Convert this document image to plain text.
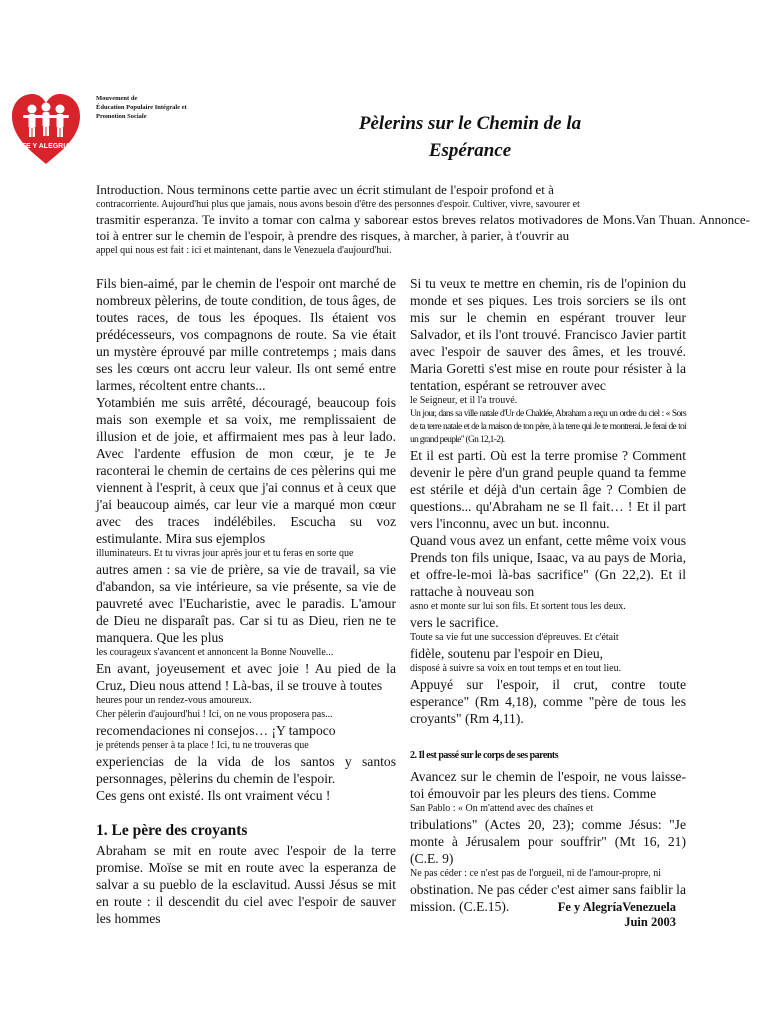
FE Y ALEGRIA
Mouvement de
Éducation Populaire Intégrale et
Promotion Sociale	Pèlerins sur le Chemin de la
Espérance
Introduction. Nous terminons cette partie avec un écrit stimulant de l'espoir profond et à
contracorriente. Aujourd'hui plus que jamais, nous avons besoin d'être des personnes d'espoir. Cultiver, vivre, savourer et
trasmitir esperanza. Te invito a tomar con calma y saborear estos breves relatos motivadores de Mons.Van Thuan. Annonce-toi à entrer sur le chemin de l'espoir, à prendre des risques, à marcher, à parier, à t'ouvrir au
appel qui nous est fait : ici et maintenant, dans le Venezuela d'aujourd'hui.

Fils bien-aimé, par le chemin de l'espoir ont marché de nombreux pèlerins, de toute condition, de tous âges, de toutes races, de tous les époques. Ils étaient vos prédécesseurs, vos compagnons de route. Sa vie était un mystère éprouvé par mille contretemps ; mais dans ses les cœurs ont accru leur valeur. Ils ont semé entre larmes, récoltent entre chants...

Yotambién me suis arrêté, découragé, beaucoup fois mais son exemple et sa voix, me remplissaient de illusion et de joie, et affirmaient mes pas à leur lado. Avec l'ardente effusion de mon cœur, je te Je raconterai le chemin de certains de ces pèlerins qui me viennent à l'esprit, à ceux que j'ai connus et à ceux que j'ai beaucoup aimés, car leur vie a marqué mon cœur avec des traces indélébiles. Escucha su voz estimulante. Mira sus ejemplos

illuminateurs. Et tu vivras jour après jour et tu feras en sorte que

autres amen : sa vie de prière, sa vie de travail, sa vie d'abandon, sa vie intérieure, sa vie présente, sa vie de pauvreté avec l'Eucharistie, avec le paradis. L'amour de Dieu ne disparaît pas. Car si tu as Dieu, rien ne te manquera. Que les plus

les courageux s'avancent et annoncent la Bonne Nouvelle...

En avant, joyeusement et avec joie ! Au pied de la Cruz, Dieu nous attend ! Là-bas, il se trouve à toutes

heures pour un rendez-vous amoureux.

Cher pèlerin d'aujourd'hui ! Ici, on ne vous proposera pas...

recomendaciones ni consejos… ¡Y tampoco

je prétends penser à ta place ! Ici, tu ne trouveras que

experiencias de la vida de los santos y santos personnages, pèlerins du chemin de l'espoir.

Ces gens ont existé. Ils ont vraiment vécu !

1. Le père des croyants

Abraham se mit en route avec l'espoir de la terre promise. Moïse se mit en route avec la esperanza de salvar a su pueblo de la esclavitud. Aussi Jésus se mit en route : il descendit du ciel avec l'espoir de sauver les hommes

Si tu veux te mettre en chemin, ris de l'opinion du monde et ses piques. Les trois sorciers se ils ont mis sur le chemin en espérant trouver leur Salvador, et ils l'ont trouvé. Francisco Javier partit avec l'espoir de sauver des âmes, et les trouvé. Maria Goretti s'est mise en route pour résister à la tentation, espérant se retrouver avec

le Seigneur, et il l'a trouvé.

Un jour, dans sa ville natale d'Ur de Chaldée, Abraham a reçu un ordre du ciel : « Sors de ta terre natale et de la maison de ton père, à la terre qui Je te montrerai. Je ferai de toi un grand peuple" (Gn 12,1-2).

Et il est parti. Où est la terre promise ? Comment devenir le père d'un grand peuple quand ta femme est stérile et déjà d'un certain âge ? Combien de questions... qu'Abraham ne se Il fait… ! Et il part vers l'inconnu, avec un but. inconnu.

Quand vous avez un enfant, cette même voix vous Prends ton fils unique, Isaac, va au pays de Moria, et offre-le-moi là-bas sacrifice" (Gn 22,2). Et il rattache à nouveau son

asno et monte sur lui son fils. Et sortent tous les deux.

vers le sacrifice.

Toute sa vie fut une succession d'épreuves. Et c'était

fidèle, soutenu par l'espoir en Dieu,

disposé à suivre sa voix en tout temps et en tout lieu.

Appuyé sur l'espoir, il crut, contre toute esperance" (Rm 4,18), comme "père de tous les croyants" (Rm 4,11).

2. Il est passé sur le corps de ses parents

Avancez sur le chemin de l'espoir, ne vous laisse-toi émouvoir par les pleurs des tiens. Comme

San Pablo : « On m'attend avec des chaînes et

tribulations" (Actes 20, 23); comme Jésus: "Je monte à Jérusalem pour souffrir" (Mt 16, 21) (C.E. 9)

Ne pas céder : ce n'est pas de l'orgueil, ni de l'amour-propre, ni

obstination. Ne pas céder c'est aimer sans faiblir la mission. (C.E.15).	Fe y AlegríaVenezuela
Juin 2003
